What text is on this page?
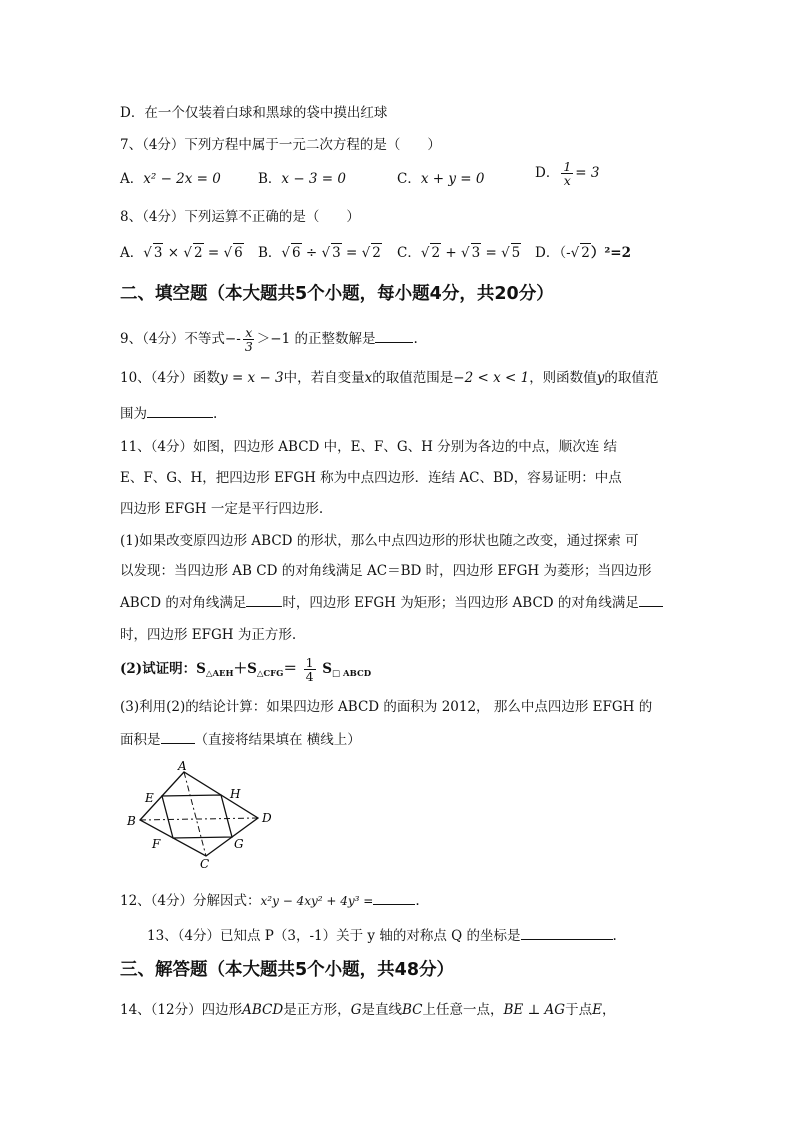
D．在一个仅装着白球和黑球的袋中摸出红球
7、（4分）下列方程中属于一元二次方程的是（　　）
A．x² − 2x = 0	B．x − 3 = 0	C．x + y = 0	D． $\frac{1}{x} = 3$
8、（4分）下列运算不正确的是（　　）
A．√ 3 × √ 2 = √ 6 B．√ 6 ÷ √ 3 = √ 2 C．√ 2 + √ 3 = √ 5 D．（-√ 2）²=2
二、填空题（本大题共5个小题，每小题4分，共20分）
9、（4分）不等式−- $\frac{x}{3} >-1$ 的正整数解是	.
10、（4分）函数y = x − 3中，若自变量x的取值范围是−2 < x < 1，则函数值y的取值范
围为	.
11、（4分）如图，四边形 ABCD 中，E、F、G、H 分别为各边的中点，顺次连 结
E、F、G、H，把四边形 EFGH 称为中点四边形．连结 AC、BD，容易证明：中点
四边形 EFGH 一定是平行四边形.
(1)如果改变原四边形 ABCD 的形状，那么中点四边形的形状也随之改变，通过探索 可
以发现：当四边形 AB CD 的对角线满足 AC＝BD 时，四边形 EFGH 为菱形；当四边形
ABCD 的对角线满足	时，四边形 EFGH 为矩形；当四边形 ABCD 的对角线满足
时，四边形 EFGH 为正方形.
(2)试证明：$S_{\triangle AEH}+S_{\triangle CFG}= \frac{1}{4} S_{□ ABCD}$
(3)利用(2)的结论计算：如果四边形 ABCD 的面积为 2012， 那么中点四边形 EFGH 的
面积是	（直接将结果填在 横线上）
A
B
C
D
E
F	G
H
12、（4分）分解因式：x²y − 4xy² + 4y³ =	.
13、（4分）已知点 P（3，-1）关于 y 轴的对称点 Q 的坐标是	.
三、解答题（本大题共5个小题，共48分）
14、（12分）四边形ABCD是正方形，G是直线BC上任意一点，BE ⊥ AG于点E，
